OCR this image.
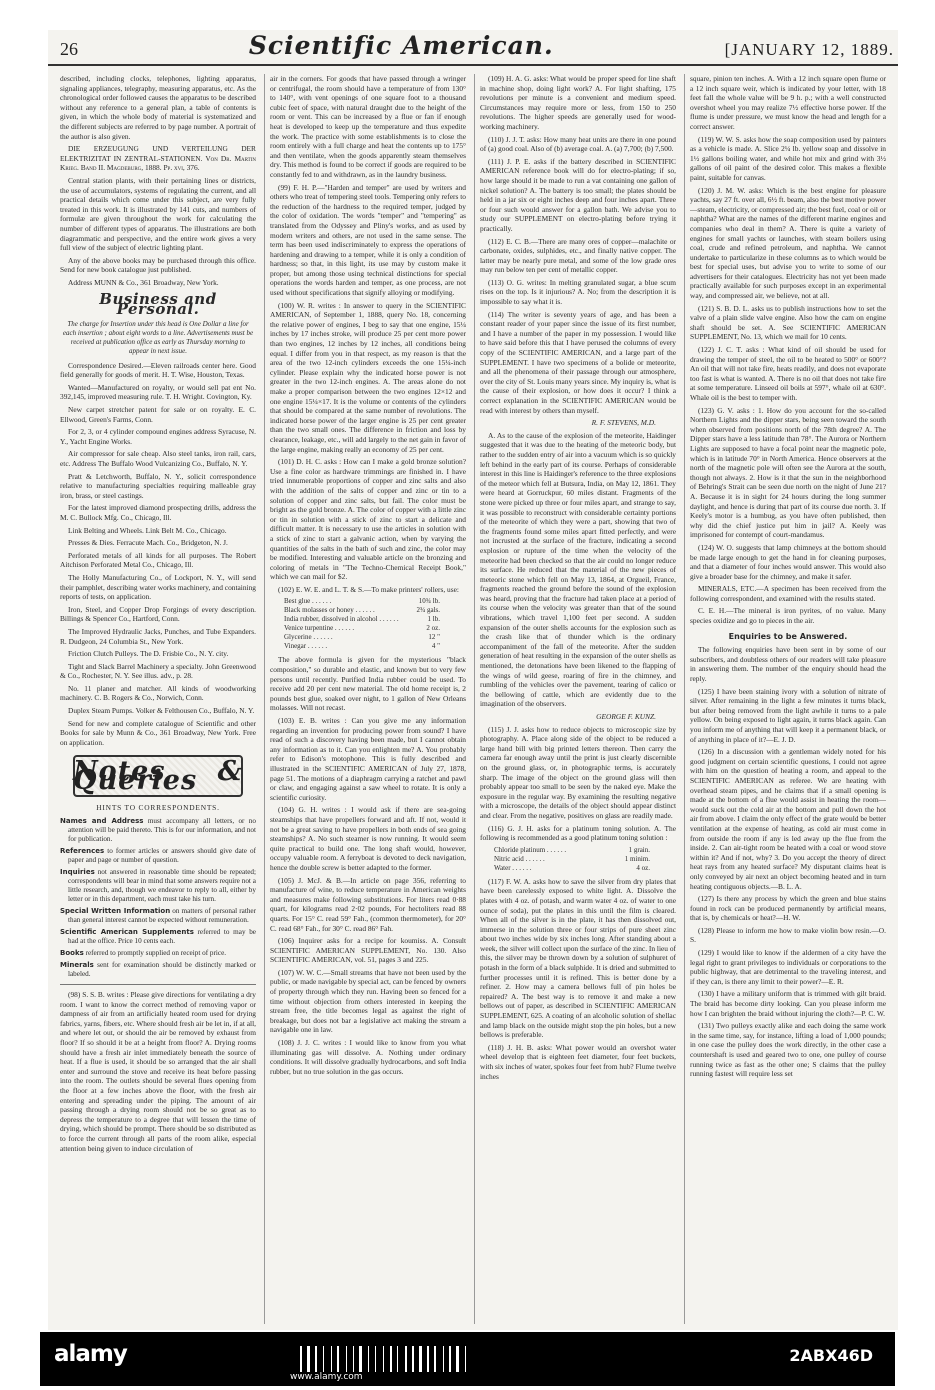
26	Scientific American.	[JANUARY 12, 1889.

described, including clocks, telephones, lighting apparatus, signaling appliances, telegraphy, measuring apparatus, etc. As the chronological order followed causes the apparatus to be described without any reference to a general plan, a table of contents is given, in which the whole body of material is systematized and the different subjects are referred to by page number. A portrait of the author is also given.

DIE ERZEUGUNG UND VERTEILUNG DER ELEKTRIZITAT IN ZENTRAL-STATIONEN. Von Dr. Martin Krieg. Band II. Magdeburg, 1888. Pp. xvi, 376.

Central station plants, with their pertaining lines or districts, the use of accumulators, systems of regulating the current, and all practical details which come under this subject, are very fully treated in this work. It is illustrated by 141 cuts, and numbers of formulæ are given throughout the work for calculating the number of different types of apparatus. The illustrations are both diagrammatic and perspective, and the entire work gives a very full view of the subject of electric lighting plant.

Any of the above books may be purchased through this office. Send for new book catalogue just published.

Address MUNN & Co., 361 Broadway, New York.

Business and Personal.
The charge for Insertion under this head is One Dollar a line for each insertion ; about eight words to a line. Advertisements must be received at publication office as early as Thursday morning to appear in next issue.

Correspondence Desired.—Eleven railroads center here. Good field generally for goods of merit. H. T. Wise, Houston, Texas.

Wanted—Manufactured on royalty, or would sell pat ent No. 392,145, improved measuring rule. T. H. Wright. Covington, Ky.

New carpet stretcher patent for sale or on royalty. E. C. Ellwood, Green's Farms, Conn.

For 2, 3, or 4 cylinder compound engines address Syracuse, N. Y., Yacht Engine Works.

Air compressor for sale cheap. Also steel tanks, iron rail, cars, etc. Address The Buffalo Wood Vulcanizing Co., Buffalo, N. Y.

Pratt & Letchworth, Buffalo, N. Y., solicit correspondence relative to manufacturing specialties requiring malleable gray iron, brass, or steel castings.

For the latest improved diamond prospecting drills, address the M. C. Bullock Mfg. Co., Chicago, Ill.

Link Belting and Wheels. Link Belt M. Co., Chicago.

Presses & Dies. Ferracute Mach. Co., Bridgeton, N. J.

Perforated metals of all kinds for all purposes. The Robert Aitchison Perforated Metal Co., Chicago, Ill.

The Holly Manufacturing Co., of Lockport, N. Y., will send their pamphlet, describing water works machinery, and containing reports of tests, on application.

Iron, Steel, and Copper Drop Forgings of every description. Billings & Spencer Co., Hartford, Conn.

The Improved Hydraulic Jacks, Punches, and Tube Expanders. R. Dudgeon, 24 Columbia St., New York.

Friction Clutch Pulleys. The D. Frisbie Co., N. Y. city.

Tight and Slack Barrel Machinery a specialty. John Greenwood & Co., Rochester, N. Y. See illus. adv., p. 28.

No. 11 planer and matcher. All kinds of woodworking machinery. C. B. Rogers & Co., Norwich, Conn.

Duplex Steam Pumps. Volker & Felthousen Co., Buffalo, N. Y.

Send for new and complete catalogue of Scientific and other Books for sale by Munn & Co., 361 Broadway, New York. Free on application.

Notes & Queries
HINTS TO CORRESPONDENTS.
Names and Address must accompany all letters, or no attention will be paid thereto. This is for our information, and not for publication.
References to former articles or answers should give date of paper and page or number of question.
Inquiries not answered in reasonable time should be repeated; correspondents will bear in mind that some answers require not a little research, and, though we endeavor to reply to all, either by letter or in this department, each must take his turn.
Special Written Information on matters of personal rather than general interest cannot be expected without remuneration.
Scientific American Supplements referred to may be had at the office. Price 10 cents each.
Books referred to promptly supplied on receipt of price.
Minerals sent for examination should be distinctly marked or labeled.

(98) S. S. B. writes : Please give directions for ventilating a dry room. I want to know the correct method of removing vapor or dampness of air from an artificially heated room used for drying fabrics, yarns, fibers, etc. Where should fresh air be let in, if at all, and where let out, or should the air be removed by exhaust from floor? If so should it be at a height from floor? A. Drying rooms should have a fresh air inlet immediately beneath the source of heat. If a flue is used, it should be so arranged that the air shall enter and surround the stove and receive its heat before passing into the room. The outlets should be several flues opening from the floor at a few inches above the floor, with the fresh air entering and spreading under the piping. The amount of air passing through a drying room should not be so great as to depress the temperature to a degree that will lessen the time of drying, which should be prompt. There should be so distributed as to force the current through all parts of the room alike, especial attention being given to induce circulation of

air in the corners. For goods that have passed through a wringer or centrifugal, the room should have a temperature of from 130° to 140°, with vent openings of one square foot to a thousand cubic feet of space, with natural draught due to the height of the room or vent. This can be increased by a flue or fan if enough heat is developed to keep up the temperature and thus expedite the work. The practice with some establishments is to close the room entirely with a full charge and heat the contents up to 175° and then ventilate, when the goods apparently steam themselves dry. This method is found to be correct if goods are required to be constantly fed to and withdrawn, as in the laundry business.

(99) F. H. P.—"Harden and temper" are used by writers and others who treat of tempering steel tools. Tempering only refers to the reduction of the hardness to the required temper, judged by the color of oxidation. The words "temper" and "tempering" as translated from the Odyssey and Pliny's works, and as used by modern writers and others, are not used in the same sense. The term has been used indiscriminately to express the operations of hardening and drawing to a temper, while it is only a condition of hardness; so that, in this light, its use may by custom make it proper, but among those using technical distinctions for special operations the words harden and temper, as one process, are not used without specifications that signify alloying or modifying.

(100) W. R. writes : In answer to query in the SCIENTIFIC AMERICAN, of September 1, 1888, query No. 18, concerning the relative power of engines, I beg to say that one engine, 15¼ inches by 17 inches stroke, will produce 25 per cent more power than two engines, 12 inches by 12 inches, all conditions being equal. I differ from you in that respect, as my reason is that the area of the two 12-inch cylinders exceeds the one 15¼-inch cylinder. Please explain why the indicated horse power is not greater in the two 12-inch engines. A. The areas alone do not make a proper comparison between the two engines 12×12 and one engine 15¼×17. It is the volume or contents of the cylinders that should be compared at the same number of revolutions. The indicated horse power of the larger engine is 25 per cent greater than the two small ones. The difference in friction and loss by clearance, leakage, etc., will add largely to the net gain in favor of the large engine, making really an economy of 25 per cent.

(101) D. H. C. asks : How can I make a gold bronze solution? Use a fine color as hardware trimmings are finished in. I have tried innumerable proportions of copper and zinc salts and also with the addition of the salts of copper and zinc or tin to a solution of copper and zinc salts, but fail. The color must be bright as the gold bronze. A. The color of copper with a little zinc or tin in solution with a stick of zinc to start a delicate and difficult matter. It is necessary to use the articles in solution with a stick of zinc to start a galvanic action, when by varying the quantities of the salts in the bath of such and zinc, the color may be modified. Interesting and valuable article on the bronzing and coloring of metals in "The Techno-Chemical Receipt Book," which we can mail for $2.

(102) E. W. E. and L. T. & S.—To make printers' rollers, use:

Best glue . . . . . .	10¾ lb.
Black molasses or honey . . . . . .	2¾ gals.
India rubber, dissolved in alcohol . . . . . .	1 lb.
Venice turpentine . . . . . .	2 oz.
Glycerine . . . . . .	12 "
Vinegar . . . . . .	4 "

The above formula is given for the mysterious "black composition," so durable and elastic, and known but to very few persons until recently. Purified India rubber could be used. To receive add 20 per cent new material. The old home receipt is, 2 pounds best glue, soaked over night, to 1 gallon of New Orleans molasses. Will not recast.

(103) E. B. writes : Can you give me any information regarding an invention for producing power from sound? I have read of such a discovery having been made, but I cannot obtain any information as to it. Can you enlighten me? A. You probably refer to Edison's motophone. This is fully described and illustrated in the SCIENTIFIC AMERICAN of July 27, 1878, page 51. The motions of a diaphragm carrying a ratchet and pawl or claw, and engaging against a saw wheel to rotate. It is only a scientific curiosity.

(104) G. H. writes : I would ask if there are sea-going steamships that have propellers forward and aft. If not, would it not be a great saving to have propellers in both ends of sea going steamships? A. No such steamer is now running. It would seem quite practical to build one. The long shaft would, however, occupy valuable room. A ferryboat is devoted to deck navigation, hence the double screw is better adapted to the former.

(105) J. McJ. & B.—In article on page 356, referring to manufacture of wine, to reduce temperature in American weights and measures make following substitutions. For liters read 0·88 quart, for kilograms read 2·02 pounds, For hectoliters read 88 quarts. For 15° C. read 59° Fah., (common thermometer), for 20° C. read 68° Fah., for 30° C. read 86° Fah.

(106) Inquirer asks for a recipe for koumiss. A. Consult SCIENTIFIC AMERICAN SUPPLEMENT, No. 130. Also SCIENTIFIC AMERICAN, vol. 51, pages 3 and 225.

(107) W. W. C.—Small streams that have not been used by the public, or made navigable by special act, can be fenced by owners of property through which they run. Having been so fenced for a time without objection from others interested in keeping the stream free, the title becomes legal as against the right of breakage, but does not bar a legislative act making the stream a navigable one in law.

(108) J. J. C. writes : I would like to know from you what illuminating gas will dissolve. A. Nothing under ordinary conditions. It will dissolve gradually hydrocarbons, and soft India rubber, but no true solution in the gas occurs.

(109) H. A. G. asks: What would be proper speed for line shaft in machine shop, doing light work? A. For light shafting, 175 revolutions per minute is a convenient and medium speed. Circumstances may require more or less, from 150 to 250 revolutions. The higher speeds are generally used for wood-working machinery.

(110) J. J. T. asks: How many heat units are there in one pound of (a) good coal. Also of (b) average coal. A. (a) 7,700; (b) 7,500.

(111) J. P. E. asks if the battery described in SCIENTIFIC AMERICAN reference book will do for electro-plating; if so, how large should it be made to run a vat containing one gallon of nickel solution? A. The battery is too small; the plates should be held in a jar six or eight inches deep and four inches apart. Three or four such would answer for a gallon bath. We advise you to study our SUPPLEMENT on electro-plating before trying it practically.

(112) E. C. B.—There are many ores of copper—malachite or carbonate, oxides, sulphides, etc., and finally native copper. The latter may be nearly pure metal, and some of the low grade ores may run below ten per cent of metallic copper.

(113) O. G. writes: In melting granulated sugar, a blue scum rises on the top. Is it injurious? A. No; from the description it is impossible to say what it is.

(114) The writer is seventy years of age, and has been a constant reader of your paper since the issue of its first number, and I have a number of the paper in my possession. I would like to have said before this that I have perused the columns of every copy of the SCIENTIFIC AMERICAN, and a large part of the SUPPLEMENT. I have two specimens of a bolide or meteorite, and all the phenomena of their passage through our atmosphere, over the city of St. Louis many years since. My inquiry is, what is the cause of their explosion, or how does it occur? I think a correct explanation in the SCIENTIFIC AMERICAN would be read with interest by others than myself.

R. F. STEVENS, M.D.

A. As to the cause of the explosion of the meteorite, Haidinger suggested that it was due to the heating of the meteoric body, but rather to the sudden entry of air into a vacuum which is so quickly left behind in the early part of its course. Perhaps of considerable interest in this line is Haidinger's reference to the three explosions of the meteor which fell at Butsura, India, on May 12, 1861. They were heard at Gorruckpur, 60 miles distant. Fragments of the stone were picked up three or four miles apart, and strange to say, it was possible to reconstruct with considerable certainty portions of the meteorite of which they were a part, showing that two of the fragments found some miles apart fitted perfectly, and were not incrusted at the surface of the fracture, indicating a second explosion or rupture of the time when the velocity of the meteorite had been checked so that the air could no longer reduce its surface. He reduced that the material of the new pieces of meteoric stone which fell on May 13, 1864, at Orgueil, France, fragments reached the ground before the sound of the explosion was heard, proving that the fracture had taken place at a period of its course when the velocity was greater than that of the sound vibrations, which travel 1,100 feet per second. A sudden expansion of the outer shells accounts for the explosion such as the crash like that of thunder which is the ordinary accompaniment of the fall of the meteorite. After the sudden generation of heat resulting in the expansion of the outer shells as mentioned, the detonations have been likened to the flapping of the wings of wild geese, roaring of fire in the chimney, and rumbling of the vehicles over the pavement, tearing of calico or the bellowing of cattle, which are evidently due to the imagination of the observers.

GEORGE F. KUNZ.

(115) J. J. asks how to reduce objects to microscopic size by photography. A. Place along side of the object to be reduced a large hand bill with big printed letters thereon. Then carry the camera far enough away until the print is just clearly discernible on the ground glass, or, in photographic terms, is accurately sharp. The image of the object on the ground glass will then probably appear too small to be seen by the naked eye. Make the exposure in the regular way. By examining the resulting negative with a microscope, the details of the object should appear distinct and clear. From the negative, positives on glass are readily made.

(116) G. J. H. asks for a platinum toning solution. A. The following is recommended as a good platinum toning solution :

Chloride platinum . . . . . .	1 grain.
Nitric acid . . . . . .	1 minim.
Water . . . . . .	4 oz.

(117) F. W. A. asks how to save the silver from dry plates that have been carelessly exposed to white light. A. Dissolve the plates with 4 oz. of potash, and warm water 4 oz. of water to one ounce of soda), put the plates in this until the film is cleared. When all of the silver is in the plate, it has then dissolved out, immerse in the solution three or four strips of pure sheet zinc about two inches wide by six inches long. After standing about a week, the silver will collect upon the surface of the zinc. In lieu of this, the silver may be thrown down by a solution of sulphuret of potash in the form of a black sulphide. It is dried and submitted to further processes until it is refined. This is better done by a refiner. 2. How may a camera bellows full of pin holes be repaired? A. The best way is to remove it and make a new bellows out of paper, as described in SCIENTIFIC AMERICAN SUPPLEMENT, 625. A coating of an alcoholic solution of shellac and lamp black on the outside might stop the pin holes, but a new bellows is preferable.

(118) J. H. B. asks: What power would an overshot water wheel develop that is eighteen feet diameter, four feet buckets, with six inches of water, spokes four feet from hub? Flume twelve inches

square, pinion ten inches. A. With a 12 inch square open flume or a 12 inch square weir, which is indicated by your letter, with 18 feet fall the whole value will be 9 h. p.; with a well constructed overshot wheel you may realize 7½ effective horse power. If the flume is under pressure, we must know the head and length for a correct answer.

(119) W. W. S. asks how the soap composition used by painters as a vehicle is made. A. Slice 2¼ lb. yellow soap and dissolve in 1½ gallons boiling water, and while hot mix and grind with 3½ gallons of oil paint of the desired color. This makes a flexible paint, suitable for canvas.

(120) J. M. W. asks: Which is the best engine for pleasure yachts, say 27 ft. over all, 6½ ft. beam, also the best motive power—steam, electricity, or compressed air; the best fuel, coal or oil or naphtha? What are the names of the different marine engines and companies who deal in them? A. There is quite a variety of engines for small yachts or launches, with steam boilers using coal, crude and refined petroleum, and naphtha. We cannot undertake to particularize in these columns as to which would be best for special uses, but advise you to write to some of our advertisers for their catalogues. Electricity has not yet been made practically available for such purposes except in an experimental way, and compressed air, we believe, not at all.

(121) S. B. D. L. asks us to publish instructions how to set the valve of a plain slide valve engine. Also how the cam on engine shaft should be set. A. See SCIENTIFIC AMERICAN SUPPLEMENT, No. 13, which we mail for 10 cents.

(122) J. C. T. asks : What kind of oil should be used for drawing the temper of steel, the oil to be heated to 500° or 600°? An oil that will not take fire, heats readily, and does not evaporate too fast is what is wanted. A. There is no oil that does not take fire at some temperature. Linseed oil boils at 597°, whale oil at 630°. Whale oil is the best to temper with.

(123) G. V. asks : 1. How do you account for the so-called Northern Lights and the dipper stars, being seen toward the south when observed from positions north of the 78th degree? A. The Dipper stars have a less latitude than 78°. The Aurora or Northern Lights are supposed to have a focal point near the magnetic pole, which is in latitude 70° in North America. Hence observers at the north of the magnetic pole will often see the Aurora at the south, though not always. 2. How is it that the sun in the neighborhood of Behring's Strait can be seen due north on the night of June 21? A. Because it is in sight for 24 hours during the long summer daylight, and hence is during that part of its course due north. 3. If Keely's motor is a humbug, as you have often published, then why did the chief justice put him in jail? A. Keely was imprisoned for contempt of court-mandamus.

(124) W. O. suggests that lamp chimneys at the bottom should be made large enough to get the hand in for cleaning purposes, and that a diameter of four inches would answer. This would also give a broader base for the chimney, and make it safer.

MINERALS, ETC.—A specimen has been received from the following correspondent, and examined with the results stated.

C. E. H.—The mineral is iron pyrites, of no value. Many species oxidize and go to pieces in the air.

Enquiries to be Answered.

The following enquiries have been sent in by some of our subscribers, and doubtless others of our readers will take pleasure in answering them. The number of the enquiry should head the reply.

(125) I have been staining ivory with a solution of nitrate of silver. After remaining in the light a few minutes it turns black, but after being removed from the light awhile it turns to a pale yellow. On being exposed to light again, it turns black again. Can you inform me of anything that will keep it a permanent black, or of anything in place of it?—E. J. D.

(126) In a discussion with a gentleman widely noted for his good judgment on certain scientific questions, I could not agree with him on the question of heating a room, and appeal to the SCIENTIFIC AMERICAN as referee. We are heating with overhead steam pipes, and he claims that if a small opening is made at the bottom of a flue would assist in heating the room—would suck out the cold air at the bottom and pull down the hot air from above. I claim the only effect of the grate would be better ventilation at the expense of heating, as cold air must come in from outside the room if any is led away up the flue from the inside. 2. Can air-tight room be heated with a coal or wood stove within it? And if not, why? 3. Do you accept the theory of direct heat rays from any heated surface? My disputant claims heat is only conveyed by air next an object becoming heated and in turn heating contiguous objects.—B. L. A.

(127) Is there any process by which the green and blue stains found in rock can be produced permanently by artificial means, that is, by chemicals or heat?—H. W.

(128) Please to inform me how to make violin bow resin.—O. S.

(129) I would like to know if the aldermen of a city have the legal right to grant privileges to individuals or corporations to the public highway, that are detrimental to the traveling interest, and if they can, is there any limit to their power?—E. R.

(130) I have a military uniform that is trimmed with gilt braid. The braid has become dirty looking. Can you please inform me how I can brighten the braid without injuring the cloth?—P. C. W.

(131) Two pulleys exactly alike and each doing the same work in the same time, say, for instance, lifting a load of 1,000 pounds; in one case the pulley does the work directly, in the other case a countershaft is used and geared two to one, one pulley of course running twice as fast as the other one; S claims that the pulley running fastest will require less set

alamy
www.alamy.com
2ABX46D
